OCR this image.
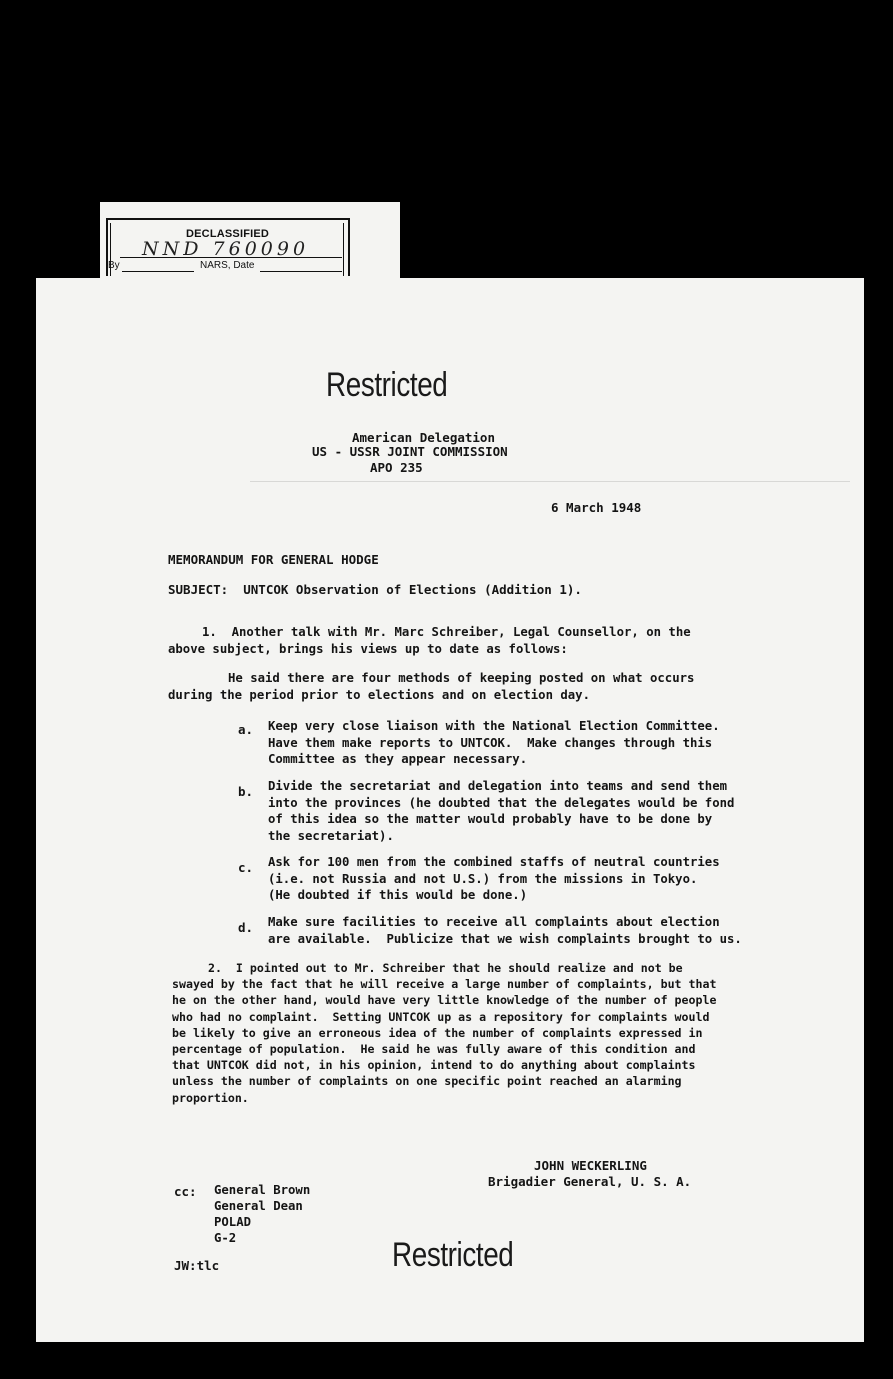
DECLASSIFIED
NND 760090
By	NARS, Date
Restricted
American Delegation
US - USSR JOINT COMMISSION
APO 235
6 March 1948
MEMORANDUM FOR GENERAL HODGE
SUBJECT:  UNTCOK Observation of Elections (Addition 1).
1.  Another talk with Mr. Marc Schreiber, Legal Counsellor, on the
above subject, brings his views up to date as follows:
He said there are four methods of keeping posted on what occurs
during the period prior to elections and on election day.
a. Keep very close liaison with the National Election Committee.
Have them make reports to UNTCOK.  Make changes through this
Committee as they appear necessary.
b. Divide the secretariat and delegation into teams and send them
into the provinces (he doubted that the delegates would be fond
of this idea so the matter would probably have to be done by
the secretariat).
c. Ask for 100 men from the combined staffs of neutral countries
(i.e. not Russia and not U.S.) from the missions in Tokyo.
(He doubted if this would be done.)
d. Make sure facilities to receive all complaints about election
are available.  Publicize that we wish complaints brought to us.
2.  I pointed out to Mr. Schreiber that he should realize and not be
swayed by the fact that he will receive a large number of complaints, but that
he on the other hand, would have very little knowledge of the number of people
who had no complaint.  Setting UNTCOK up as a repository for complaints would
be likely to give an erroneous idea of the number of complaints expressed in
percentage of population.  He said he was fully aware of this condition and
that UNTCOK did not, in his opinion, intend to do anything about complaints
unless the number of complaints on one specific point reached an alarming
proportion.
JOHN WECKERLING
Brigadier General, U. S. A.
cc: General Brown
General Dean
POLAD
G-2
JW:tlc	Restricted
